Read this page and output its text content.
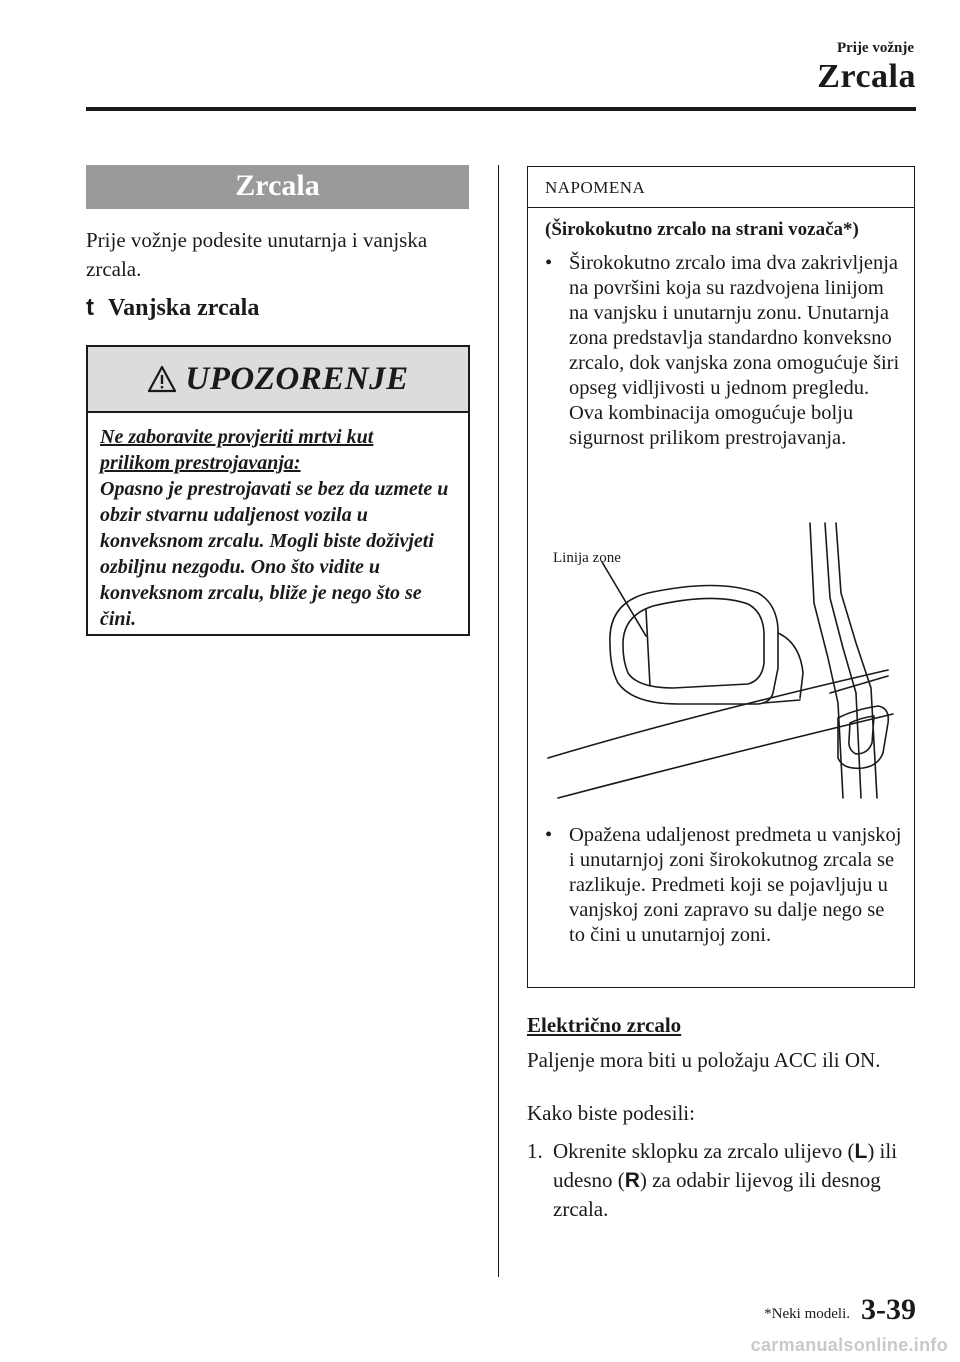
Prije vožnje
Zrcala
Zrcala
Prije vožnje podesite unutarnja i vanjska zrcala.
t Vanjska zrcala
UPOZORENJE
Ne zaboravite provjeriti mrtvi kut
prilikom prestrojavanja:
Opasno je prestrojavati se bez da uzmete u obzir stvarnu udaljenost vozila u konveksnom zrcalu. Mogli biste doživjeti ozbiljnu nezgodu. Ono što vidite u konveksnom zrcalu, bliže je nego što se čini.
NAPOMENA
(Širokokutno zrcalo na strani vozača*)
• Širokokutno zrcalo ima dva zakrivljenja na površini koja su razdvojena linijom na vanjsku i unutarnju zonu. Unutarnja zona predstavlja standardno konveksno zrcalo, dok vanjska zona omogućuje širi opseg vidljivosti u jednom pregledu. Ova kombinacija omogućuje bolju sigurnost prilikom prestrojavanja.
• Opažena udaljenost predmeta u vanjskoj i unutarnjoj zoni širokokutnog zrcala se razlikuje. Predmeti koji se pojavljuju u vanjskoj zoni zapravo su dalje nego se to čini u unutarnjoj zoni.
Linija zone
Električno zrcalo
Paljenje mora biti u položaju ACC ili ON.
Kako biste podesili:
1. Okrenite sklopku za zrcalo ulijevo (L) ili udesno (R) za odabir lijevog ili desnog zrcala.
*Neki modeli. 3-39
carmanualsonline.info
